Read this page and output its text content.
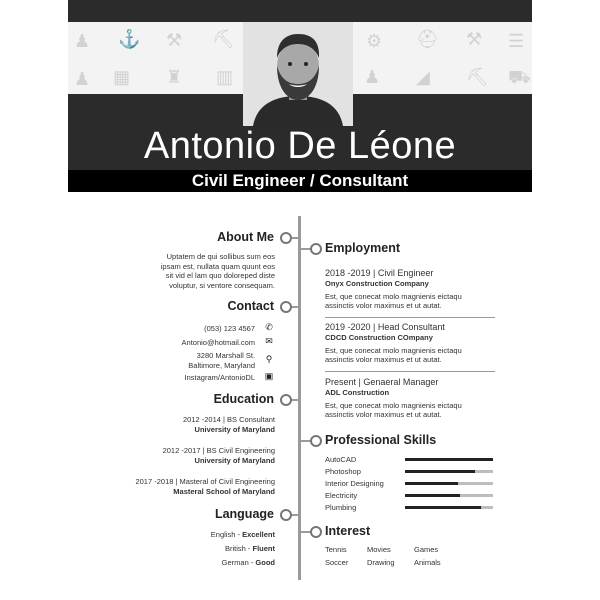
♟ ⚓ ⚒ ⛏
♟ ▦ ♜ ▥
⚙ ⛑ ⚒ ☰
♟ ◢ ⛏ ⛟
Antonio De Léone
Civil Engineer / Consultant
About Me
Uptatem de qui sollibus sum eos
ipsam est, nullata quam quunt eos
sit vid el lam quo doloreped diste
voluptur, si ventore consequam.
Contact
(053) 123 4567 ✆
Antonio@hotmail.com ✉
3280 Marshall St.
Baltimore, Maryland
⚲
Instagram/AntonioDL ▣
Education
2012 -2014 | BS Consultant
University of Maryland
2012 -2017 | BS Civil Engineering
University of Maryland
2017 -2018 | Masteral of Civil Engineering
Masteral School of Maryland
Language
English - Excellent
British - Fluent
German - Good
Employment
2018 -2019 | Civil Engineer
Onyx Construction Company
Est, que conecat molo magnienis eictaqu
assinctis volor maximus et ut autat.
2019 -2020 | Head Consultant
CDCD Construction COmpany
Est, que conecat molo magnienis eictaqu
assinctis volor maximus et ut autat.
Present | Genaeral Manager
ADL Construction
Est, que conecat molo magnienis eictaqu
assinctis volor maximus et ut autat.
Professional Skills
AutoCAD
Photoshop
Interior Designing
Electricity
Plumbing
Interest
Tennis	Movies	Games
Soccer	Drawing	Animals
